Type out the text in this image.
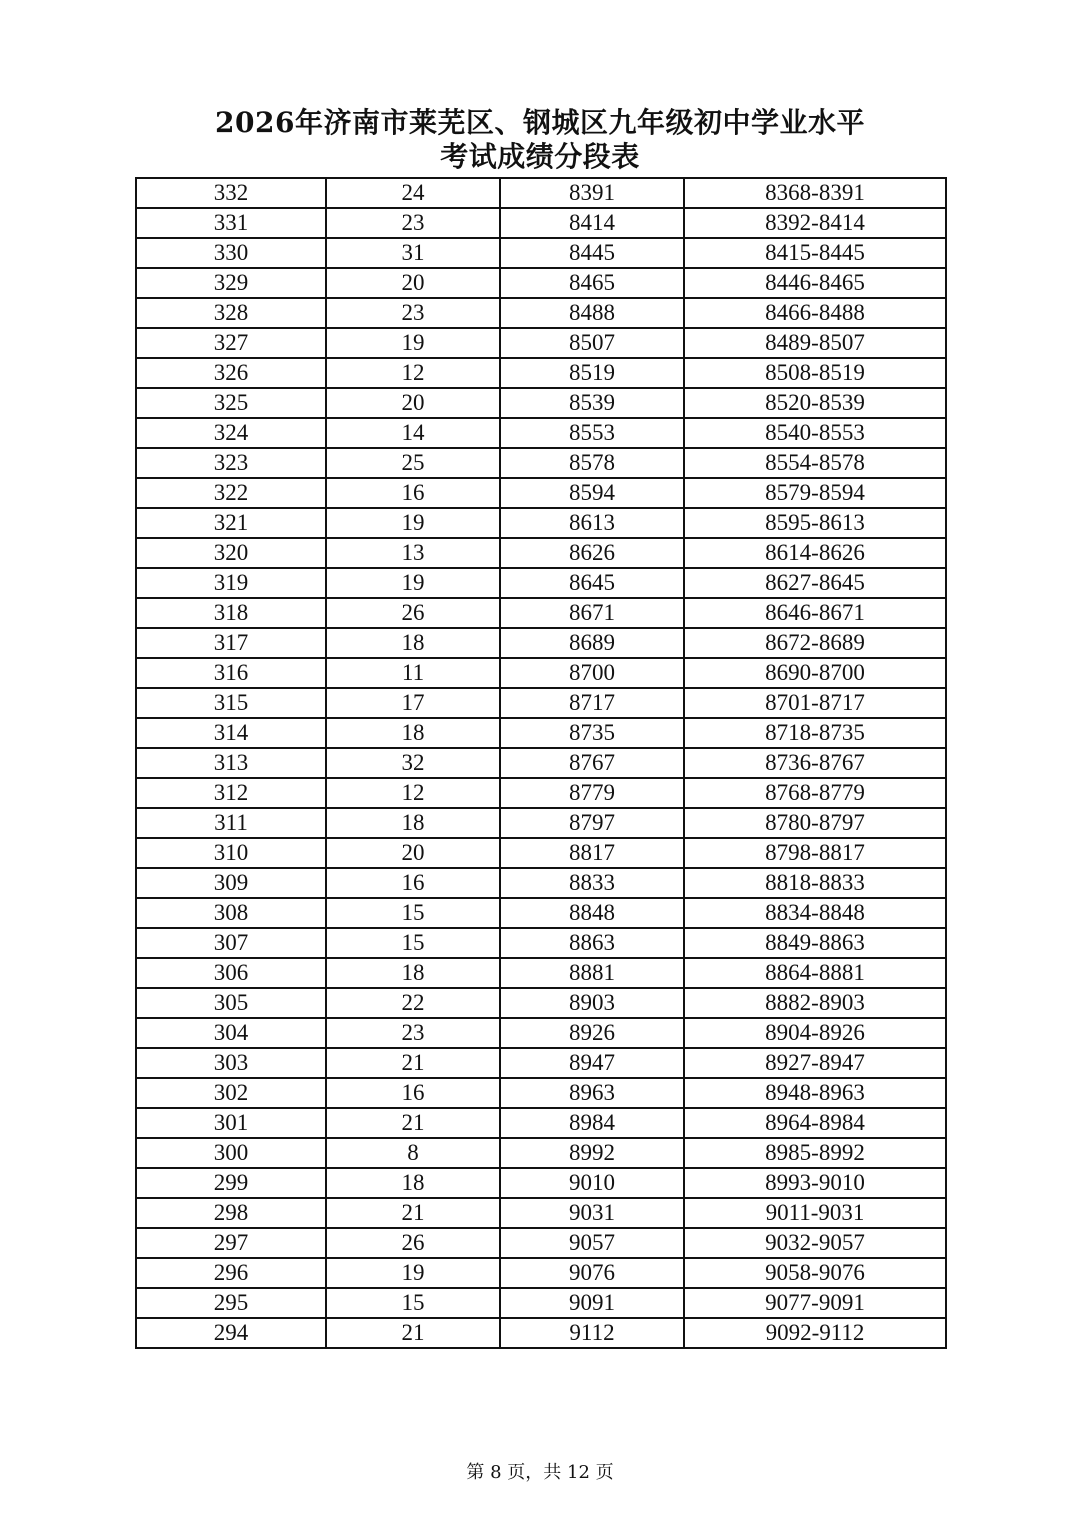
2026年济南市莱芜区、钢城区九年级初中学业水平
考试成绩分段表
332	24	8391	8368-8391
331	23	8414	8392-8414
330	31	8445	8415-8445
329	20	8465	8446-8465
328	23	8488	8466-8488
327	19	8507	8489-8507
326	12	8519	8508-8519
325	20	8539	8520-8539
324	14	8553	8540-8553
323	25	8578	8554-8578
322	16	8594	8579-8594
321	19	8613	8595-8613
320	13	8626	8614-8626
319	19	8645	8627-8645
318	26	8671	8646-8671
317	18	8689	8672-8689
316	11	8700	8690-8700
315	17	8717	8701-8717
314	18	8735	8718-8735
313	32	8767	8736-8767
312	12	8779	8768-8779
311	18	8797	8780-8797
310	20	8817	8798-8817
309	16	8833	8818-8833
308	15	8848	8834-8848
307	15	8863	8849-8863
306	18	8881	8864-8881
305	22	8903	8882-8903
304	23	8926	8904-8926
303	21	8947	8927-8947
302	16	8963	8948-8963
301	21	8984	8964-8984
300	8	8992	8985-8992
299	18	9010	8993-9010
298	21	9031	9011-9031
297	26	9057	9032-9057
296	19	9076	9058-9076
295	15	9091	9077-9091
294	21	9112	9092-9112
第 8 页，共 12 页
